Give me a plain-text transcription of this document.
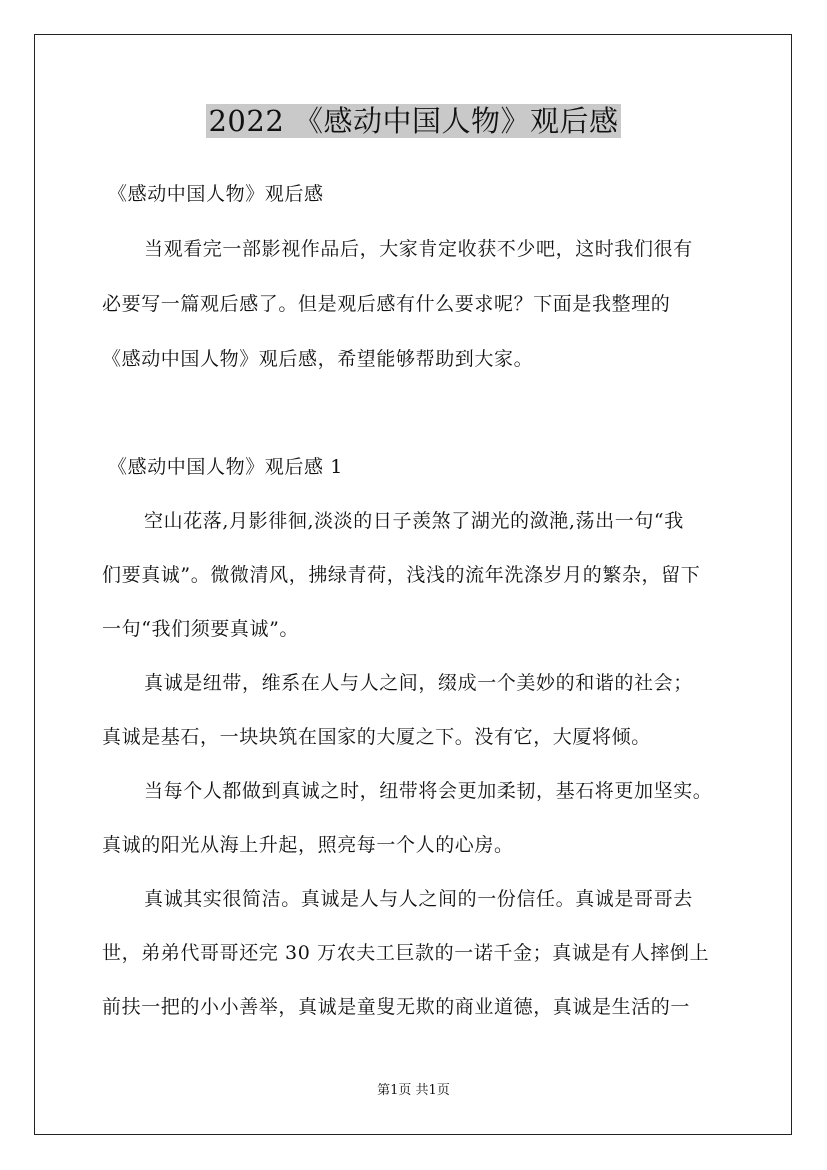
2022 《感动中国人物》观后感
《感动中国人物》观后感
当观看完一部影视作品后，大家肯定收获不少吧，这时我们很有
必要写一篇观后感了。但是观后感有什么要求呢？下面是我整理的
《感动中国人物》观后感，希望能够帮助到大家。
《感动中国人物》观后感 1
空山花落,月影徘徊,淡淡的日子羡煞了湖光的潋滟,荡出一句“我
们要真诚”。微微清风，拂绿青荷，浅浅的流年洗涤岁月的繁杂，留下
一句“我们须要真诚”。
真诚是纽带，维系在人与人之间，缀成一个美妙的和谐的社会；
真诚是基石，一块块筑在国家的大厦之下。没有它，大厦将倾。
当每个人都做到真诚之时，纽带将会更加柔韧，基石将更加坚实。
真诚的阳光从海上升起，照亮每一个人的心房。
真诚其实很简洁。真诚是人与人之间的一份信任。真诚是哥哥去
世，弟弟代哥哥还完 30 万农夫工巨款的一诺千金；真诚是有人摔倒上
前扶一把的小小善举，真诚是童叟无欺的商业道德，真诚是生活的一
第1页 共1页
